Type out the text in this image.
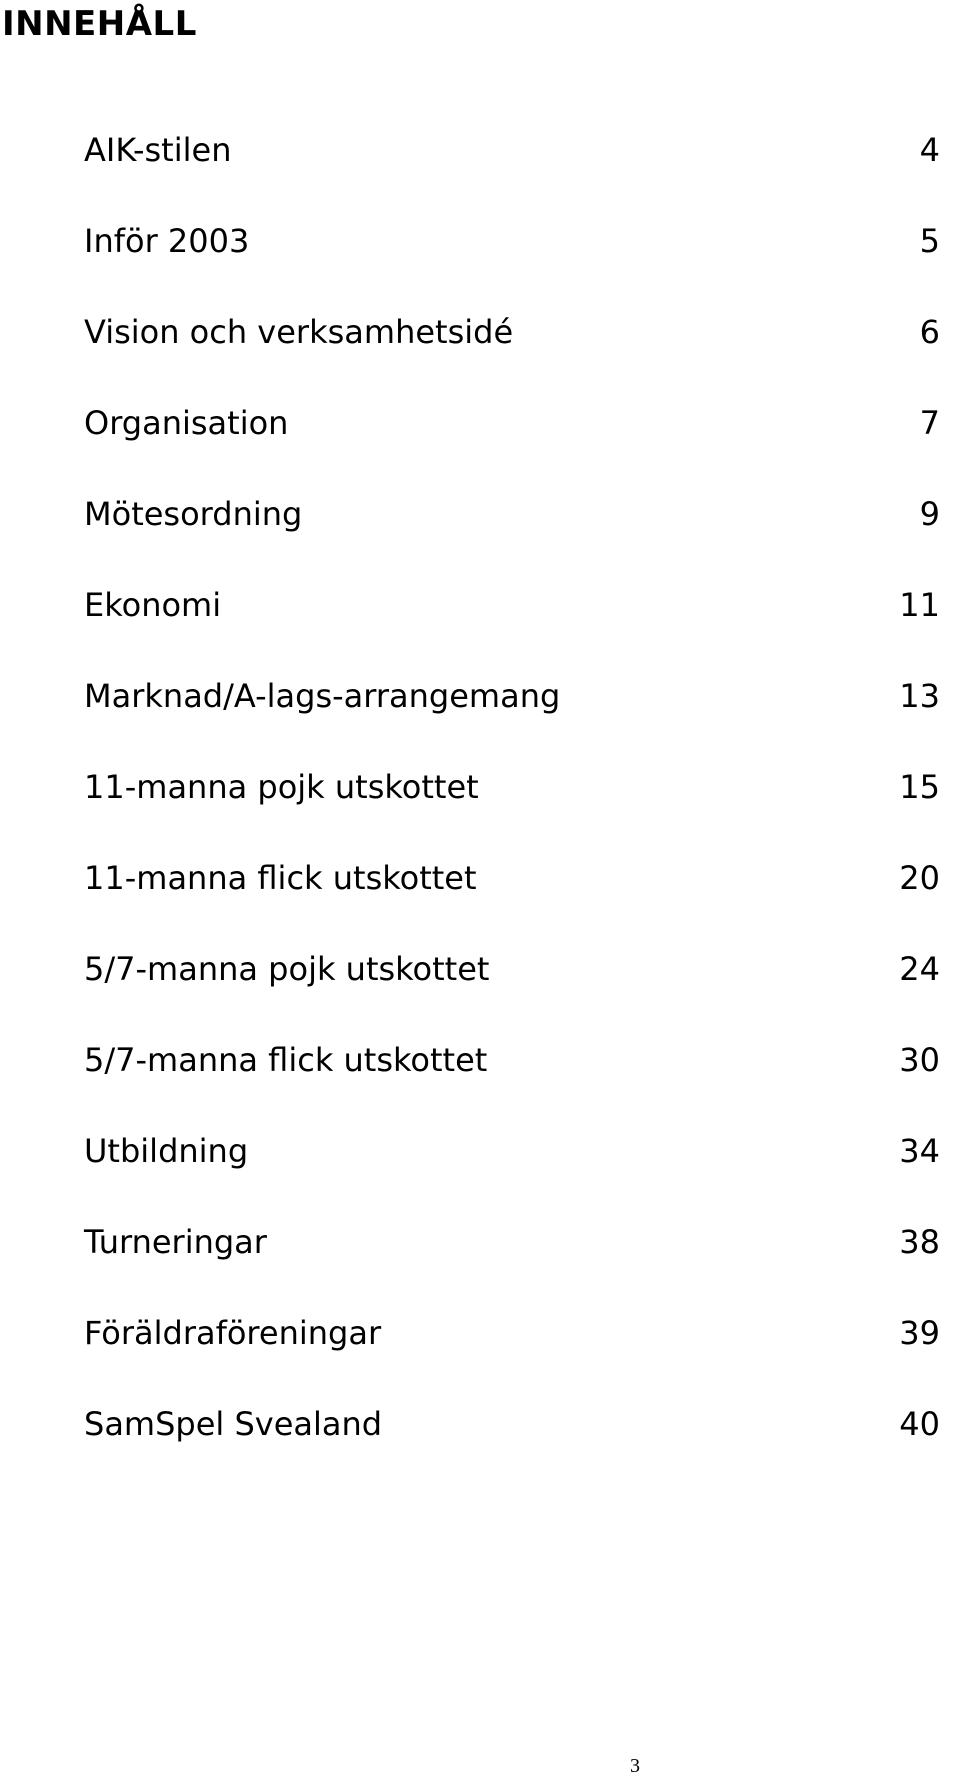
INNEHÅLL
AIK-stilen	4
Inför 2003	5
Vision och verksamhetsidé	6
Organisation	7
Mötesordning	9
Ekonomi	11
Marknad/A-lags-arrangemang	13
11-manna pojk utskottet	15
11-manna flick utskottet	20
5/7-manna pojk utskottet	24
5/7-manna flick utskottet	30
Utbildning	34
Turneringar	38
Föräldraföreningar	39
SamSpel Svealand	40
3
